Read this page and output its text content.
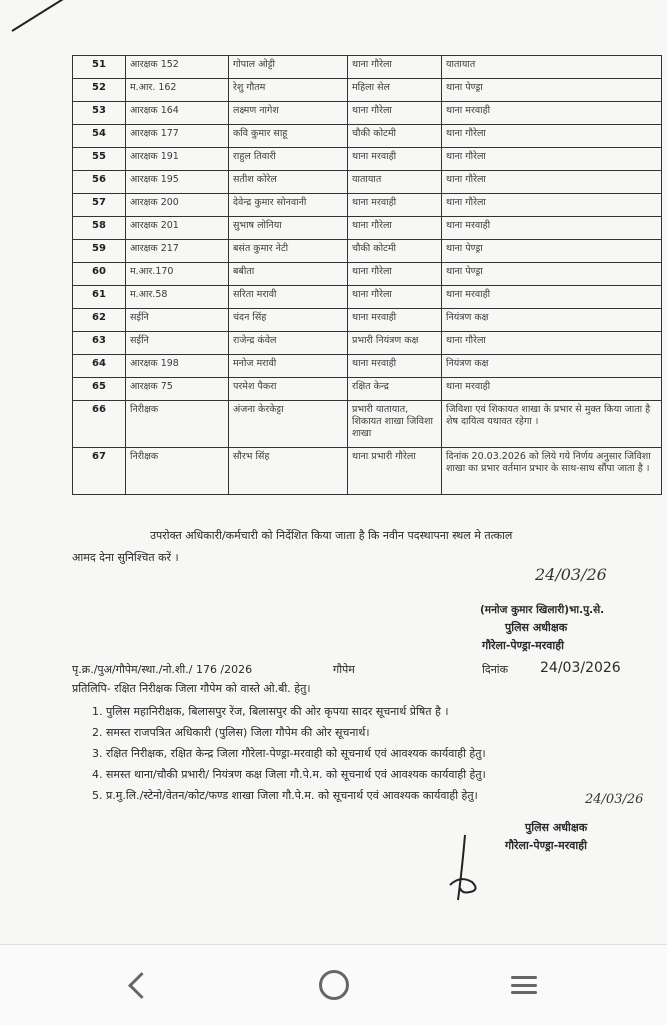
51	आरक्षक 152	गोपाल ओट्टी	थाना गौरेला	यातायात
52	म.आर. 162	रेशु गौतम	महिला सेल	थाना पेण्ड्रा
53	आरक्षक 164	लक्ष्मण नागेश	थाना गौरेला	थाना मरवाही
54	आरक्षक 177	कवि कुमार साहू	चौकी कोटमी	थाना गौरेला
55	आरक्षक 191	राहुल तिवारी	थाना मरवाही	थाना गौरेला
56	आरक्षक 195	सतीश कोरेल	यातायात	थाना गौरेला
57	आरक्षक 200	देवेन्द्र कुमार सोनवानी	थाना मरवाही	थाना गौरेला
58	आरक्षक 201	सुभाष लोनिया	थाना गौरेला	थाना मरवाही
59	आरक्षक 217	बसंत कुमार नेटी	चौकी कोटमी	थाना पेण्ड्रा
60	म.आर.170	बबीता	थाना गौरेला	थाना पेण्ड्रा
61	म.आर.58	सरिता मरावी	थाना गौरेला	थाना मरवाही
62	सईनि	चंदन सिंह	थाना मरवाही	नियंत्रण कक्ष
63	सईनि	राजेन्द्र कंवेल	प्रभारी नियंत्रण कक्ष	थाना गौरेला
64	आरक्षक 198	मनोज मरावी	थाना मरवाही	नियंत्रण कक्ष
65	आरक्षक 75	परमेश पैकरा	रक्षित केन्द्र	थाना मरवाही
66	निरीक्षक	अंजना केरकेट्टा	प्रभारी यातायात, शिकायत शाखा जिविशा शाखा	जिविशा एवं शिकायत शाखा के प्रभार से मुक्त किया जाता है शेष दायित्व यथावत रहेगा ।
67	निरीक्षक	सौरभ सिंह	थाना प्रभारी गौरेला	दिनांक 20.03.2026 को लिये गये निर्णय अनुसार जिविशा शाखा का प्रभार वर्तमान प्रभार के साथ-साथ सौंपा जाता है ।
उपरोक्त अधिकारी/कर्मचारी को निर्देशित किया जाता है कि नवीन पदस्थापना स्थल मे तत्काल
आमद देना सुनिश्चित करें ।
24/03/26
(मनोज कुमार खिलारी)भा.पु.से.
पुलिस अधीक्षक
गौरेला-पेण्ड्रा-मरवाही
पृ.क्र./पुअ/गौपेम/स्था./नो.शी./ 176 /2026	गौपेम	दिनांक 24/03/2026
प्रतिलिपि- रक्षित निरीक्षक जिला गौपेम को वास्ते ओ.बी. हेतु।
1. पुलिस महानिरीक्षक, बिलासपुर रेंज, बिलासपुर की ओर कृपया सादर सूचनार्थ प्रेषित है ।
2. समस्त राजपत्रित अधिकारी (पुलिस) जिला गौपेम की ओर सूचनार्थ।
3. रक्षित निरीक्षक, रक्षित केन्द्र जिला गौरेला-पेण्ड्रा-मरवाही को सूचनार्थ एवं आवश्यक कार्यवाही हेतु।
4. समस्त थाना/चौकी प्रभारी/ नियंत्रण कक्ष जिला गौ.पे.म. को सूचनार्थ एवं आवश्यक कार्यवाही हेतु।
5. प्र.मु.लि./स्टेनो/वेतन/कोट/फण्ड शाखा जिला गौ.पे.म. को सूचनार्थ एवं आवश्यक कार्यवाही हेतु।	24/03/26
पुलिस अधीक्षक
गौरेला-पेण्ड्रा-मरवाही
